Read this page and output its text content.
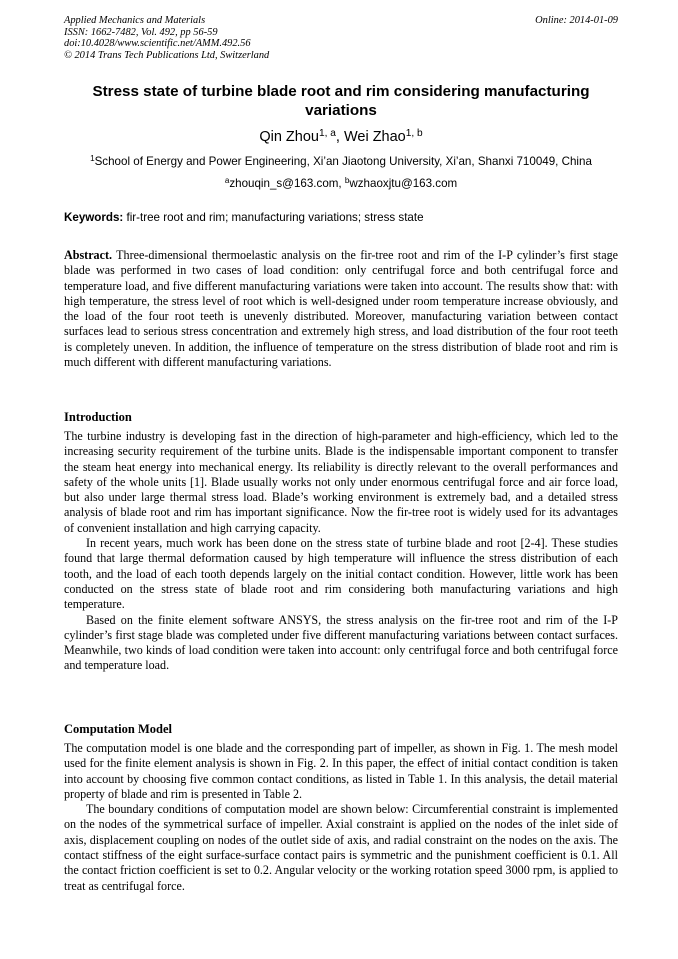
Applied Mechanics and Materials
ISSN: 1662-7482, Vol. 492, pp 56-59
doi:10.4028/www.scientific.net/AMM.492.56
© 2014 Trans Tech Publications Ltd, Switzerland
Online: 2014-01-09
Stress state of turbine blade root and rim considering manufacturing variations
Qin Zhou$^{1, a}$, Wei Zhao$^{1, b}$
$^1$School of Energy and Power Engineering, Xi’an Jiaotong University, Xi’an, Shanxi 710049, China
$^a$zhouqin_s@163.com, $^b$wzhaoxjtu@163.com
Keywords: fir-tree root and rim; manufacturing variations; stress state
Abstract. Three-dimensional thermoelastic analysis on the fir-tree root and rim of the I-P cylinder’s first stage blade was performed in two cases of load condition: only centrifugal force and both centrifugal force and temperature load, and five different manufacturing variations were taken into account. The results show that: with high temperature, the stress level of root which is well-designed under room temperature increase obviously, and the load of the four root teeth is unevenly distributed. Moreover, manufacturing variation between contact surfaces lead to serious stress concentration and extremely high stress, and load distribution of the four root teeth is completely uneven. In addition, the influence of temperature on the stress distribution of blade root and rim is much different with different manufacturing variations.
Introduction

The turbine industry is developing fast in the direction of high-parameter and high-efficiency, which led to the increasing security requirement of the turbine units. Blade is the indispensable important component to transfer the steam heat energy into mechanical energy. Its reliability is directly relevant to the overall performances and safety of the whole units [1]. Blade usually works not only under enormous centrifugal force and air force load, but also under large thermal stress load. Blade’s working environment is extremely bad, and a detailed stress analysis of blade root and rim has important significance. Now the fir-tree root is widely used for its advantages of convenient installation and high carrying capacity.

In recent years, much work has been done on the stress state of turbine blade and root [2-4]. These studies found that large thermal deformation caused by high temperature will influence the stress distribution of each tooth, and the load of each tooth depends largely on the initial contact condition. However, little work has been conducted on the stress state of blade root and rim considering both manufacturing variations and high temperature.

Based on the finite element software ANSYS, the stress analysis on the fir-tree root and rim of the I-P cylinder’s first stage blade was completed under five different manufacturing variations between contact surfaces. Meanwhile, two kinds of load condition were taken into account: only centrifugal force and both centrifugal force and temperature load.

Computation Model

The computation model is one blade and the corresponding part of impeller, as shown in Fig. 1. The mesh model used for the finite element analysis is shown in Fig. 2. In this paper, the effect of initial contact condition is taken into account by choosing five common contact conditions, as listed in Table 1. In this analysis, the detail material property of blade and rim is presented in Table 2.

The boundary conditions of computation model are shown below: Circumferential constraint is implemented on the nodes of the symmetrical surface of impeller. Axial constraint is applied on the nodes of the inlet side of axis, displacement coupling on nodes of the outlet side of axis, and radial constraint on the nodes on the axis. The contact stiffness of the eight surface-surface contact pairs is symmetric and the punishment coefficient is 0.1. All the contact friction coefficient is set to 0.2. Angular velocity or the working rotation speed 3000 rpm, is applied to treat as centrifugal force.
